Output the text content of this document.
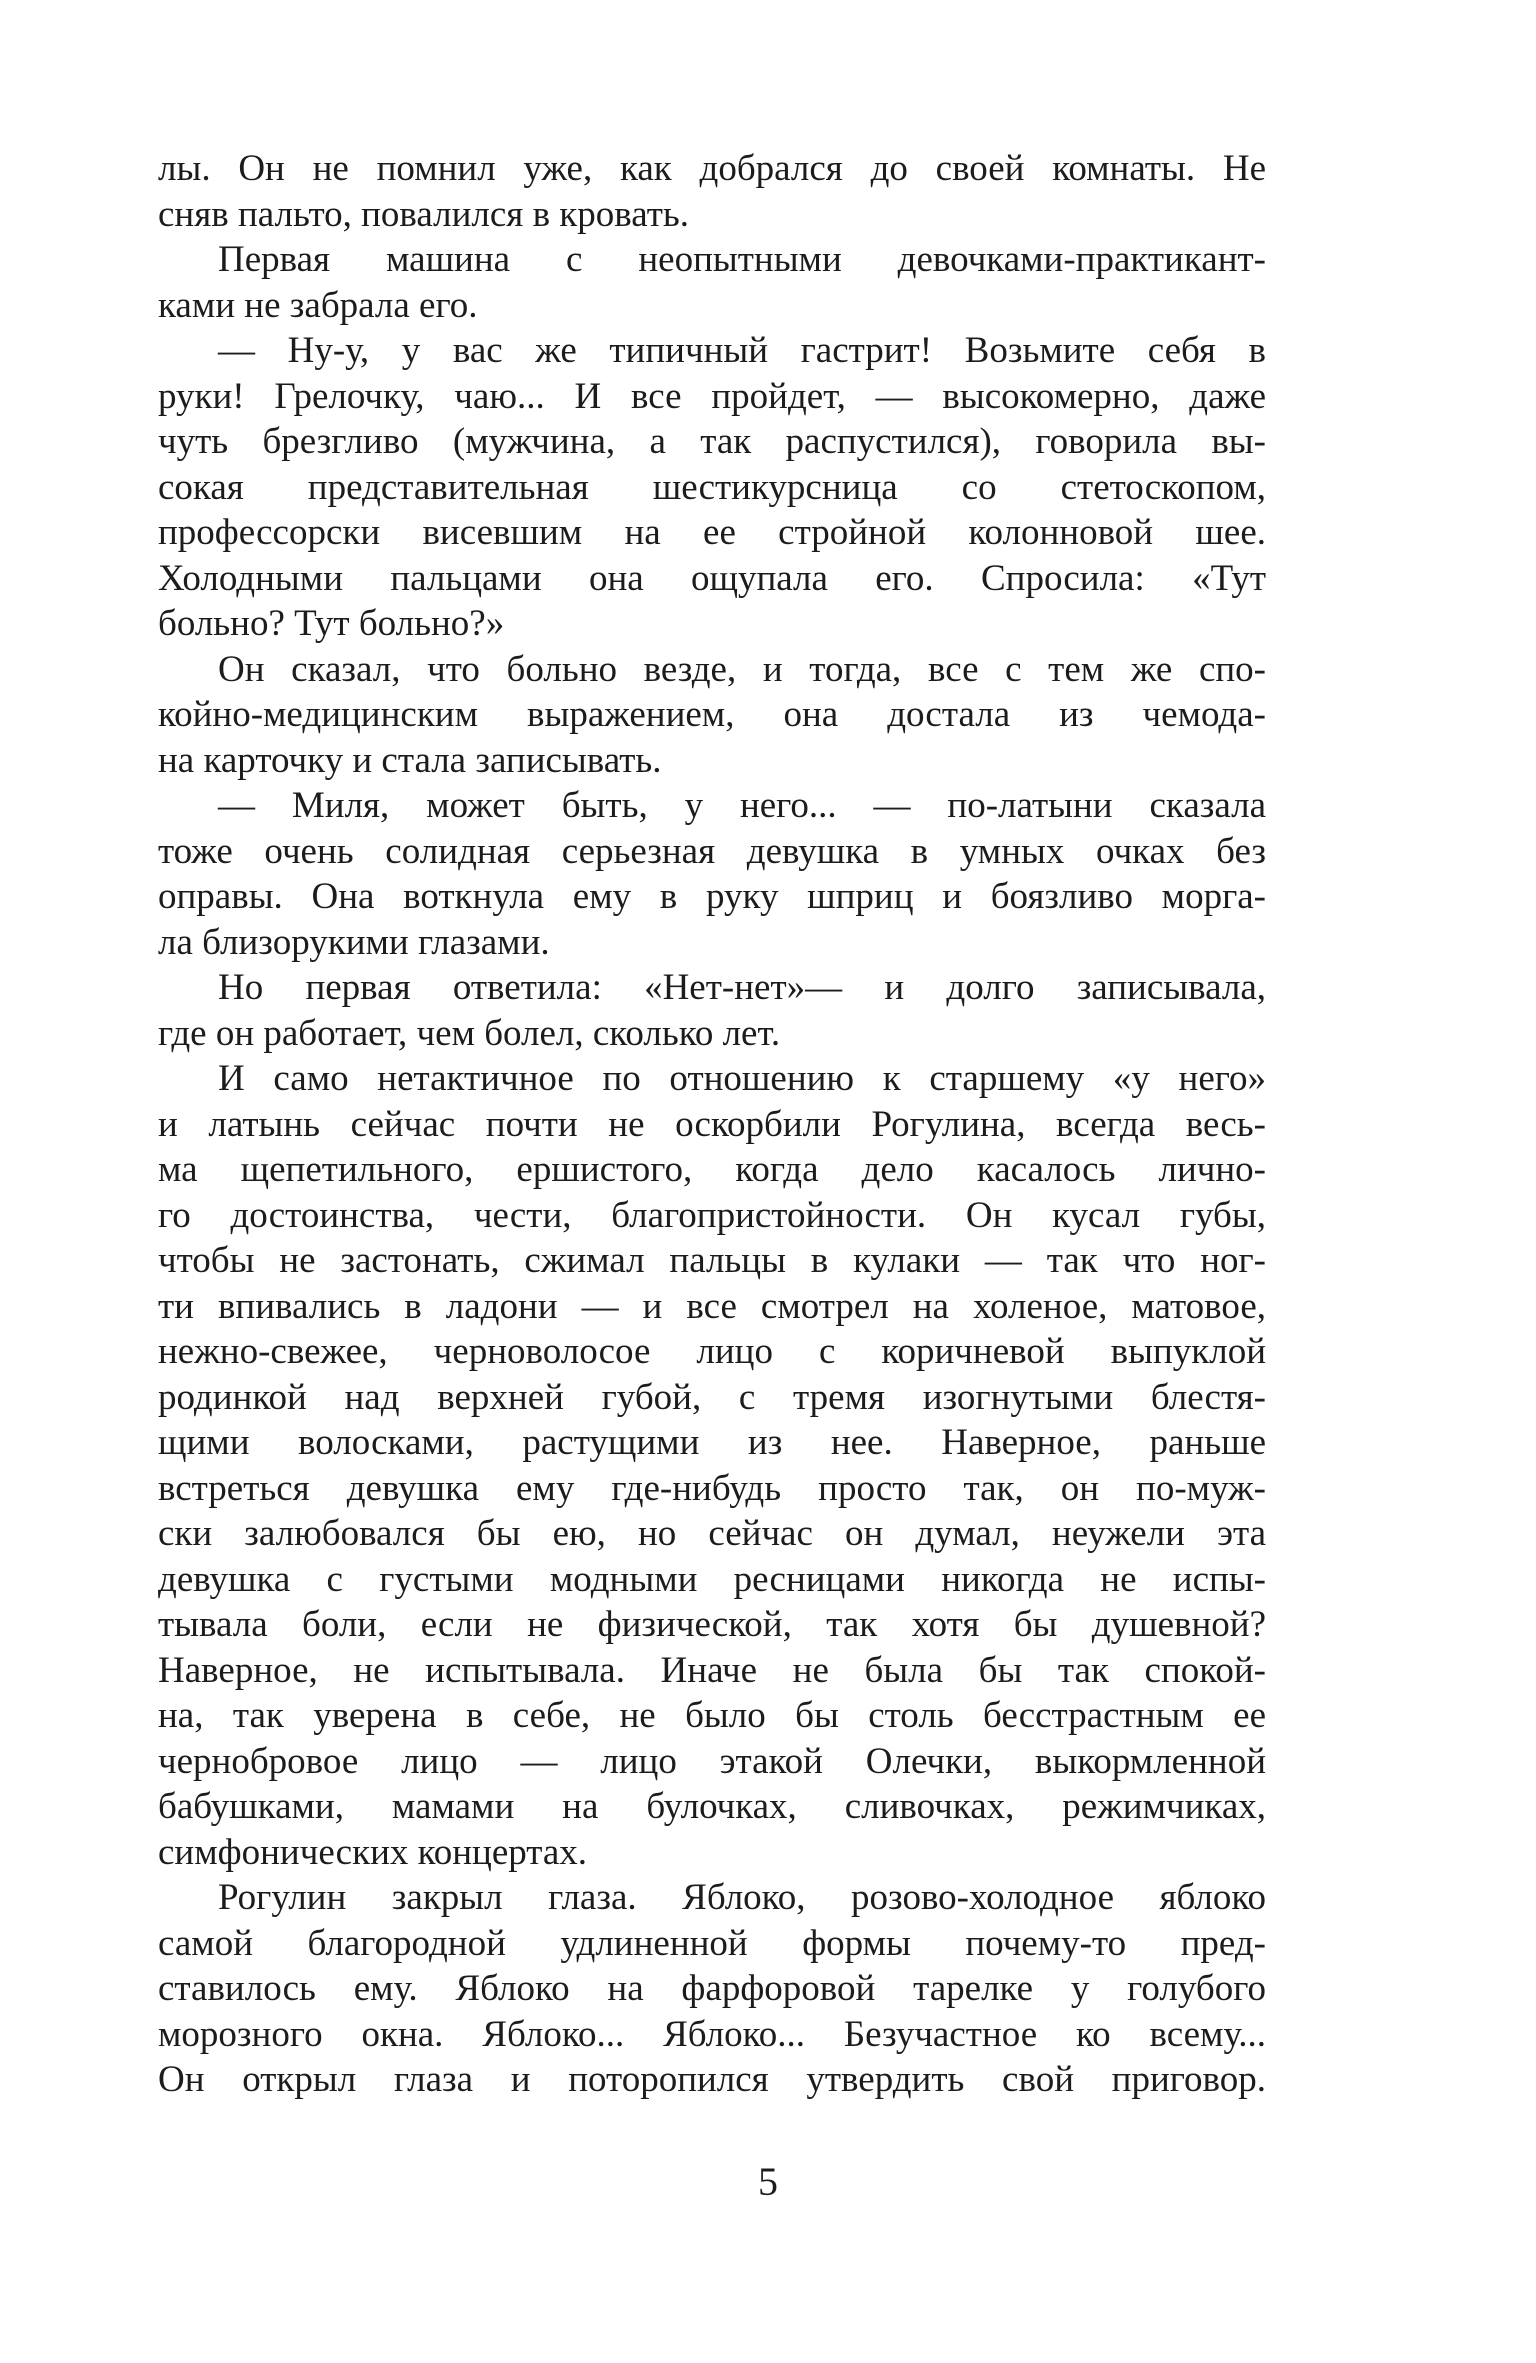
лы. Он не помнил уже, как добрался до своей комнаты. Не
сняв пальто, повалился в кровать.
Первая машина с неопытными девочками-практикант-
ками не забрала его.
— Ну-у, у вас же типичный гастрит! Возьмите себя в
руки! Грелочку, чаю... И все пройдет, — высокомерно, даже
чуть брезгливо (мужчина, а так распустился), говорила вы-
сокая представительная шестикурсница со стетоскопом,
профессорски висевшим на ее стройной колонновой шее.
Холодными пальцами она ощупала его. Спросила: «Тут
больно? Тут больно?»
Он сказал, что больно везде, и тогда, все с тем же спо-
койно-медицинским выражением, она достала из чемода-
на карточку и стала записывать.
— Миля, может быть, у него... — по-латыни сказала
тоже очень солидная серьезная девушка в умных очках без
оправы. Она воткнула ему в руку шприц и боязливо морга-
ла близорукими глазами.
Но первая ответила: «Нет-нет»— и долго записывала,
где он работает, чем болел, сколько лет.
И само нетактичное по отношению к старшему «у него»
и латынь сейчас почти не оскорбили Рогулина, всегда весь-
ма щепетильного, ершистого, когда дело касалось лично-
го достоинства, чести, благопристойности. Он кусал губы,
чтобы не застонать, сжимал пальцы в кулаки — так что ног-
ти впивались в ладони — и все смотрел на холеное, матовое,
нежно-свежее, черноволосое лицо с коричневой выпуклой
родинкой над верхней губой, с тремя изогнутыми блестя-
щими волосками, растущими из нее. Наверное, раньше
встреться девушка ему где-нибудь просто так, он по-муж-
ски залюбовался бы ею, но сейчас он думал, неужели эта
девушка с густыми модными ресницами никогда не испы-
тывала боли, если не физической, так хотя бы душевной?
Наверное, не испытывала. Иначе не была бы так спокой-
на, так уверена в себе, не было бы столь бесстрастным ее
чернобровое лицо — лицо этакой Олечки, выкормленной
бабушками, мамами на булочках, сливочках, режимчиках,
симфонических концертах.
Рогулин закрыл глаза. Яблоко, розово-холодное яблоко
самой благородной удлиненной формы почему-то пред-
ставилось ему. Яблоко на фарфоровой тарелке у голубого
морозного окна. Яблоко... Яблоко... Безучастное ко всему...
Он открыл глаза и поторопился утвердить свой приговор.
5
